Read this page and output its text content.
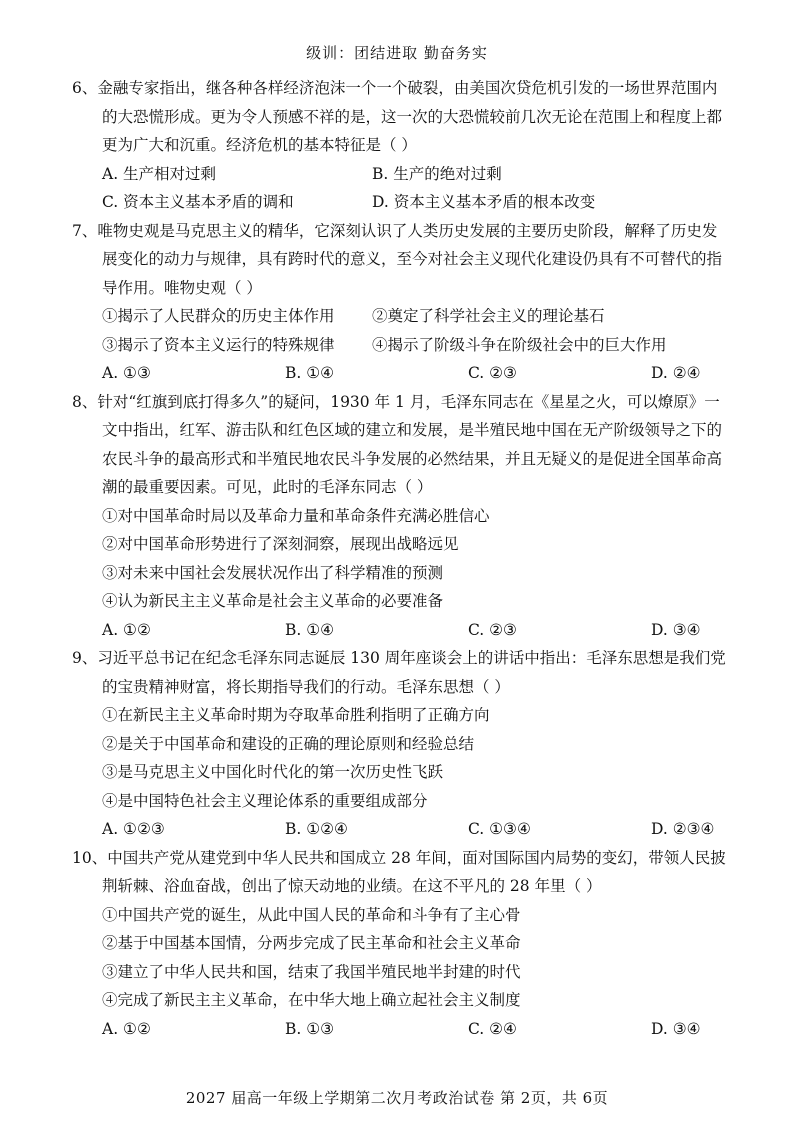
级训：团结进取 勤奋务实
6、金融专家指出，继各种各样经济泡沫一个一个破裂，由美国次贷危机引发的一场世界范围内的大恐慌形成。更为令人预感不祥的是，这一次的大恐慌较前几次无论在范围上和程度上都更为广大和沉重。经济危机的基本特征是（ ）
A. 生产相对过剩	B. 生产的绝对过剩
C. 资本主义基本矛盾的调和	D. 资本主义基本矛盾的根本改变
7、唯物史观是马克思主义的精华，它深刻认识了人类历史发展的主要历史阶段，解释了历史发展变化的动力与规律，具有跨时代的意义，至今对社会主义现代化建设仍具有不可替代的指导作用。唯物史观（ ）
①揭示了人民群众的历史主体作用	②奠定了科学社会主义的理论基石
③揭示了资本主义运行的特殊规律	④揭示了阶级斗争在阶级社会中的巨大作用
A. ①③	B. ①④	C. ②③	D. ②④
8、针对“红旗到底打得多久”的疑问，1930 年 1 月，毛泽东同志在《星星之火，可以燎原》一文中指出，红军、游击队和红色区域的建立和发展，是半殖民地中国在无产阶级领导之下的农民斗争的最高形式和半殖民地农民斗争发展的必然结果，并且无疑义的是促进全国革命高潮的最重要因素。可见，此时的毛泽东同志（ ）
①对中国革命时局以及革命力量和革命条件充满必胜信心
②对中国革命形势进行了深刻洞察，展现出战略远见
③对未来中国社会发展状况作出了科学精准的预测
④认为新民主主义革命是社会主义革命的必要准备
A. ①②	B. ①④	C. ②③	D. ③④
9、习近平总书记在纪念毛泽东同志诞辰 130 周年座谈会上的讲话中指出：毛泽东思想是我们党的宝贵精神财富，将长期指导我们的行动。毛泽东思想（ ）
①在新民主主义革命时期为夺取革命胜利指明了正确方向
②是关于中国革命和建设的正确的理论原则和经验总结
③是马克思主义中国化时代化的第一次历史性飞跃
④是中国特色社会主义理论体系的重要组成部分
A. ①②③	B. ①②④	C. ①③④	D. ②③④
10、中国共产党从建党到中华人民共和国成立 28 年间，面对国际国内局势的变幻，带领人民披荆斩棘、浴血奋战，创出了惊天动地的业绩。在这不平凡的 28 年里（ ）
①中国共产党的诞生，从此中国人民的革命和斗争有了主心骨
②基于中国基本国情，分两步完成了民主革命和社会主义革命
③建立了中华人民共和国，结束了我国半殖民地半封建的时代
④完成了新民主主义革命，在中华大地上确立起社会主义制度
A. ①②	B. ①③	C. ②④	D. ③④
2027 届高一年级上学期第二次月考政治试卷 第 2页，共 6页
